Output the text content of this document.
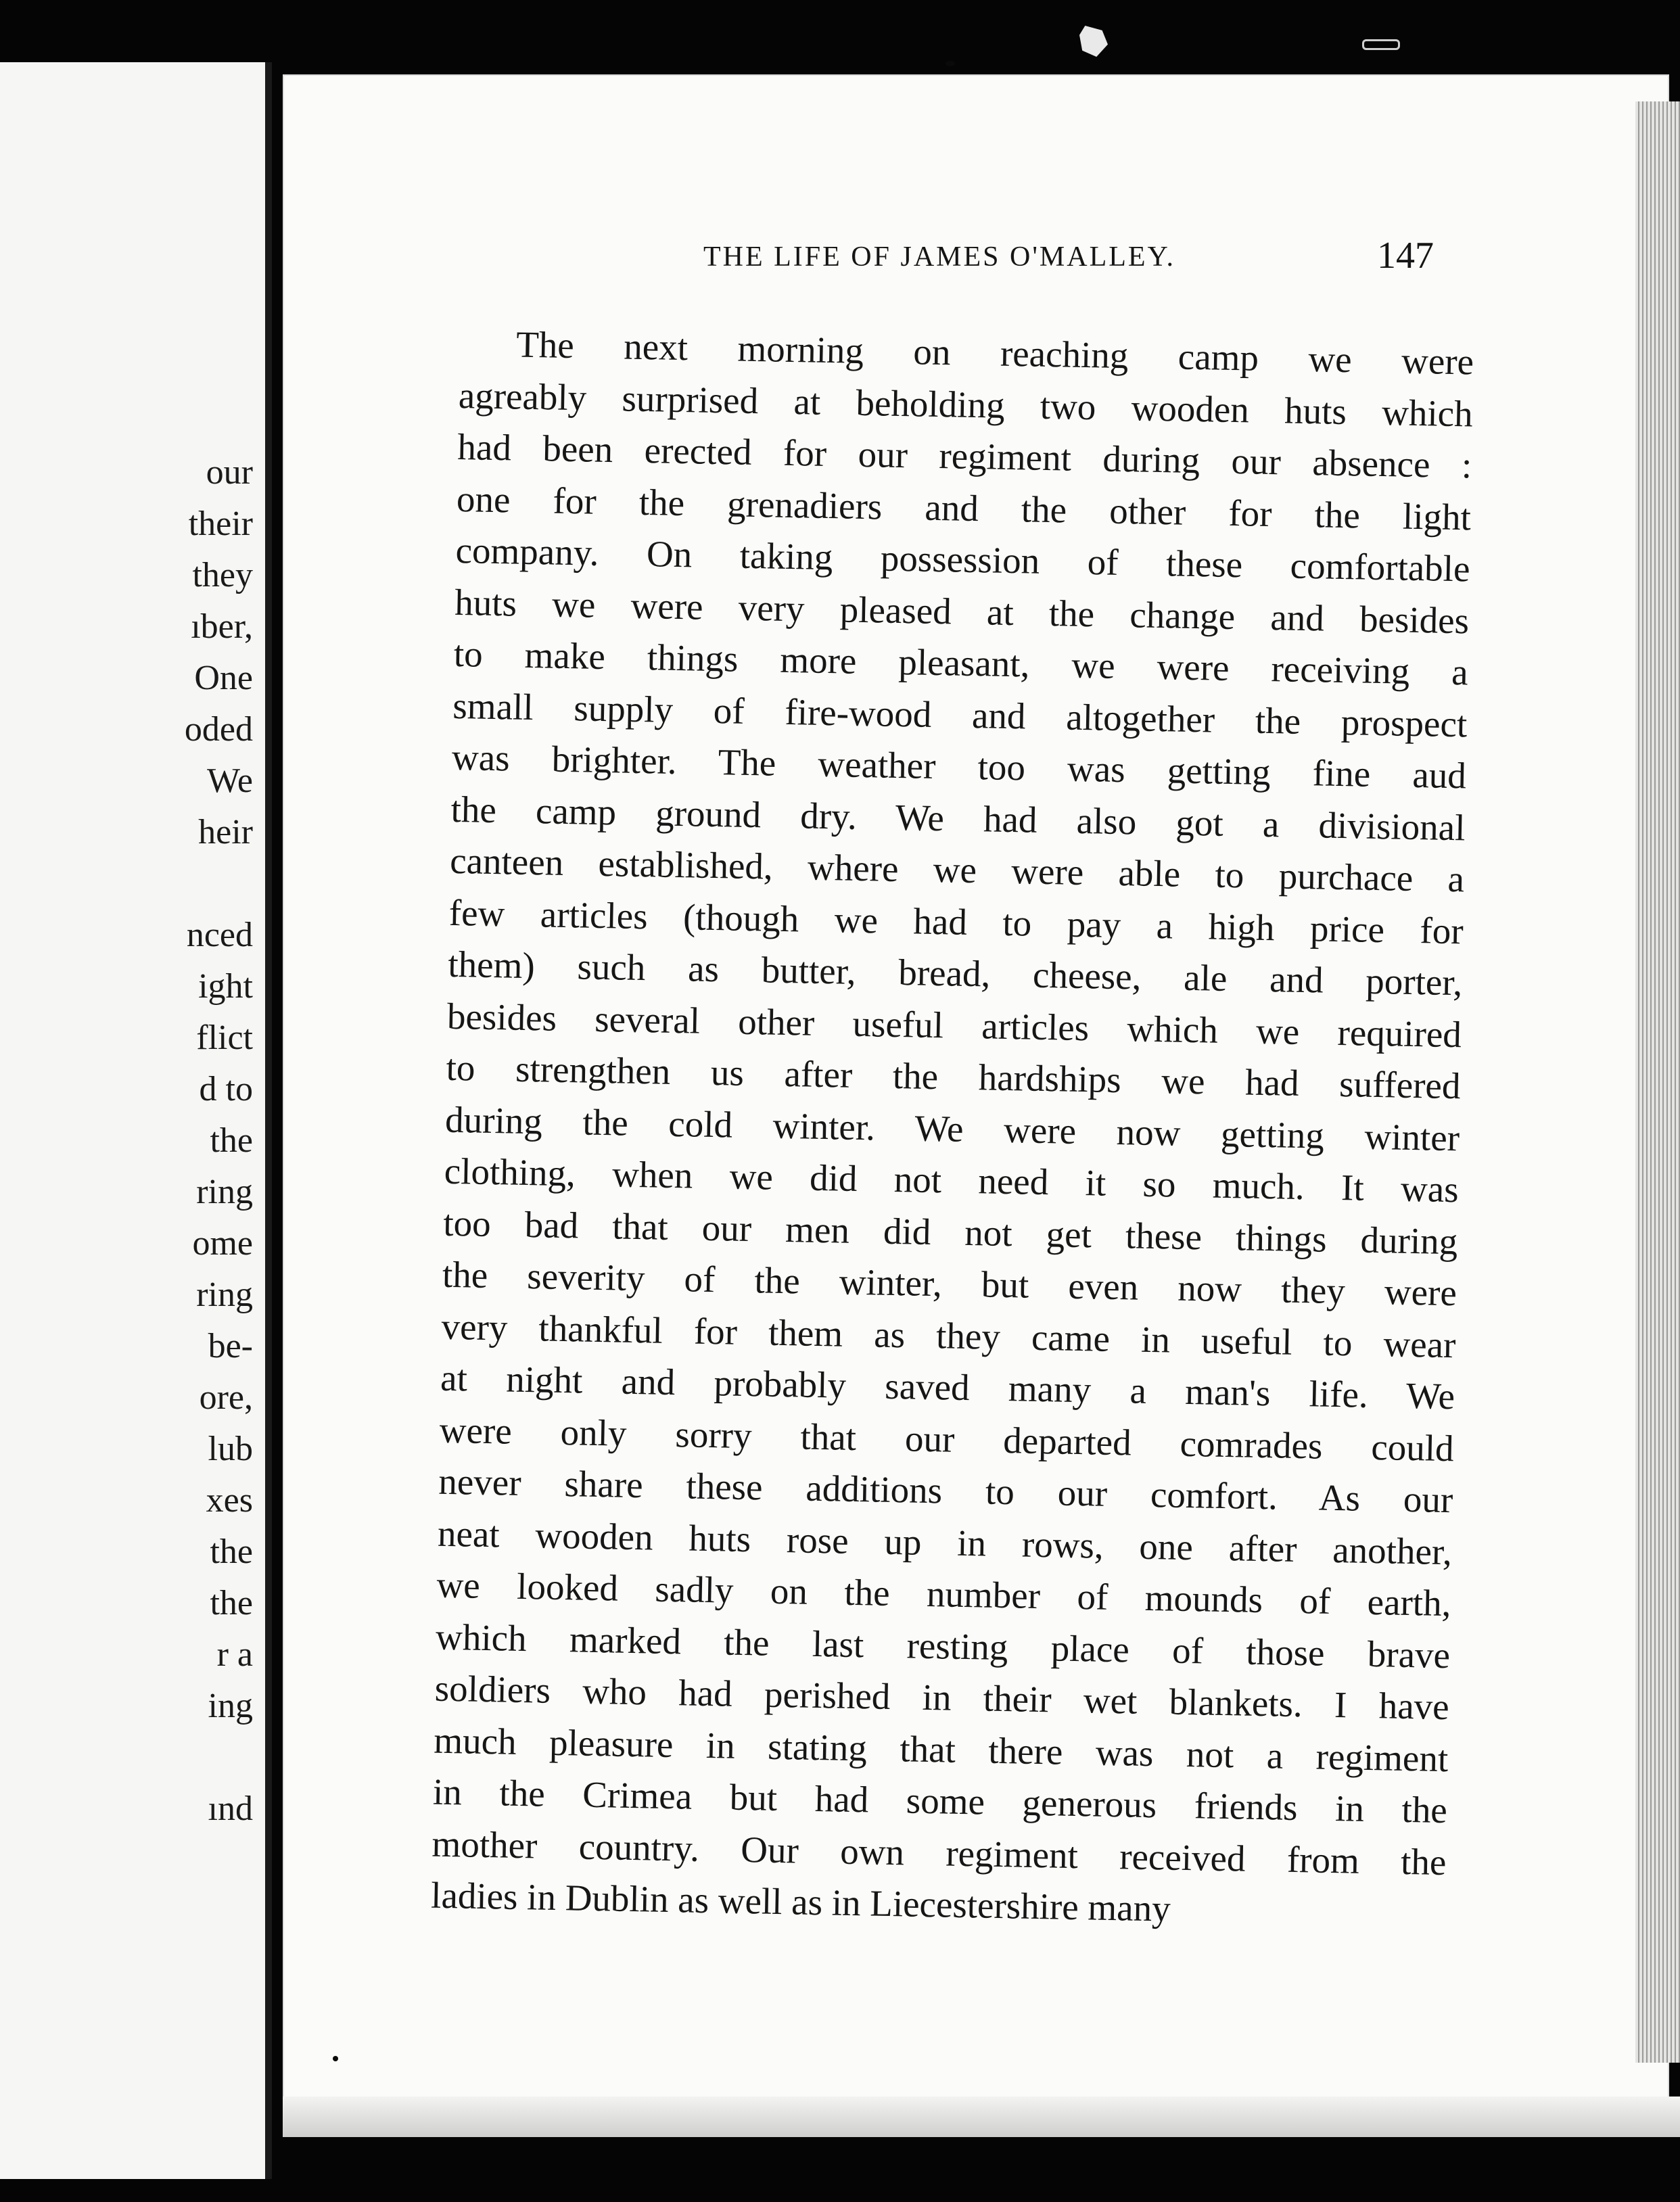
our
their
they
ıber,
One
oded
We
heir
nced
ight
flict
d to
the
ring
ome
ring
be-
ore,
lub
xes
the
the
r a
ing
ınd
THE LIFE OF JAMES O'MALLEY.	147
The next morning on reaching camp we were
agreably surprised at beholding two wooden huts which
had been erected for our regiment during our absence :
one for the grenadiers and the other for the light
company. On taking possession of these comfortable
huts we were very pleased at the change and besides
to make things more pleasant, we were receiving a
small supply of fire-wood and altogether the prospect
was brighter. The weather too was getting fine aud
the camp ground dry. We had also got a divisional
canteen established, where we were able to purchace a
few articles (though we had to pay a high price for
them) such as butter, bread, cheese, ale and porter,
besides several other useful articles which we required
to strengthen us after the hardships we had suffered
during the cold winter. We were now getting winter
clothing, when we did not need it so much. It was
too bad that our men did not get these things during
the severity of the winter, but even now they were
very thankful for them as they came in useful to wear
at night and probably saved many a man's life. We
were only sorry that our departed comrades could
never share these additions to our comfort. As our
neat wooden huts rose up in rows, one after another,
we looked sadly on the number of mounds of earth,
which marked the last resting place of those brave
soldiers who had perished in their wet blankets. I have
much pleasure in stating that there was not a regiment
in the Crimea but had some generous friends in the
mother country. Our own regiment received from the
ladies in Dublin as well as in Liecestershire many
